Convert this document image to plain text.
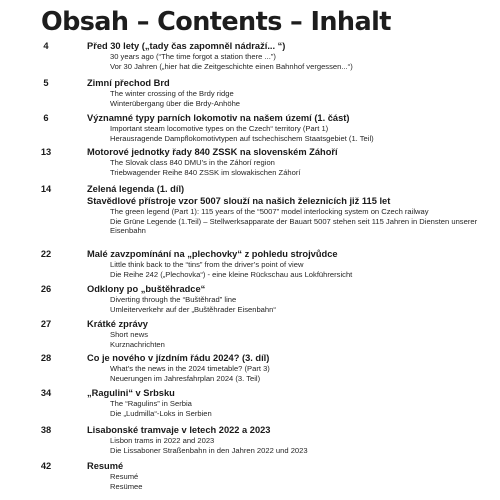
Obsah – Contents – Inhalt
4	Před 30 lety („tady čas zapomněl nádraží... “)
30 years ago (“The time forgot a station there ...”)
Vor 30 Jahren („hier hat die Zeitgeschichte einen Bahnhof vergessen...“)
5	Zimní přechod Brd
The winter crossing of the Brdy ridge
Winterübergang über die Brdy-Anhöhe
6	Významné typy parních lokomotiv na našem území (1. část)
Important steam locomotive types on the Czech“ territory (Part 1)
Herausragende Dampflokomotivtypen auf tschechischem Staatsgebiet (1. Teil)
13	Motorové jednotky řady 840 ZSSK na slovenském Záhoří
The Slovak class 840 DMU’s in the Záhorí region
Triebwagender Reihe 840 ZSSK im slowakischen Záhorí
14	Zelená legenda (1. díl)
Stavědlové přístroje vzor 5007 slouží na našich železnicích již 115 let
The green legend (Part 1): 115 years of the “5007” model interlocking system on Czech railway
Die Grüne Legende (1.Teil) – Stellwerksapparate der Bauart 5007 stehen seit 115 Jahren in Diensten unserer Eisenbahn
22	Malé zavzpomínání na „plechovky“ z pohledu strojvůdce
Little think back to the “tins” from the driver’s point of view
Die Reihe 242 („Plechovka“) - eine kleine Rückschau aus Lokführersicht
26	Odklony po „buštěhradce“
Diverting through the “Buštěhrad” line
Umleiterverkehr auf der „Buštěhrader Eisenbahn“
27	Krátké zprávy
Short news
Kurznachrichten
28	Co je nového v jízdním řádu 2024? (3. díl)
What’s the news in the 2024 timetable? (Part 3)
Neuerungen im Jahresfahrplan 2024 (3. Teil)
34	„Ragulini“ v Srbsku
The “Ragulins” in Serbia
Die „Ludmilla“-Loks in Serbien
38	Lisabonské tramvaje v letech 2022 a 2023
Lisbon trams in 2022 and 2023
Die Lissaboner Straßenbahn in den Jahren 2022 und 2023
42	Resumé
Resumé
Resümee
